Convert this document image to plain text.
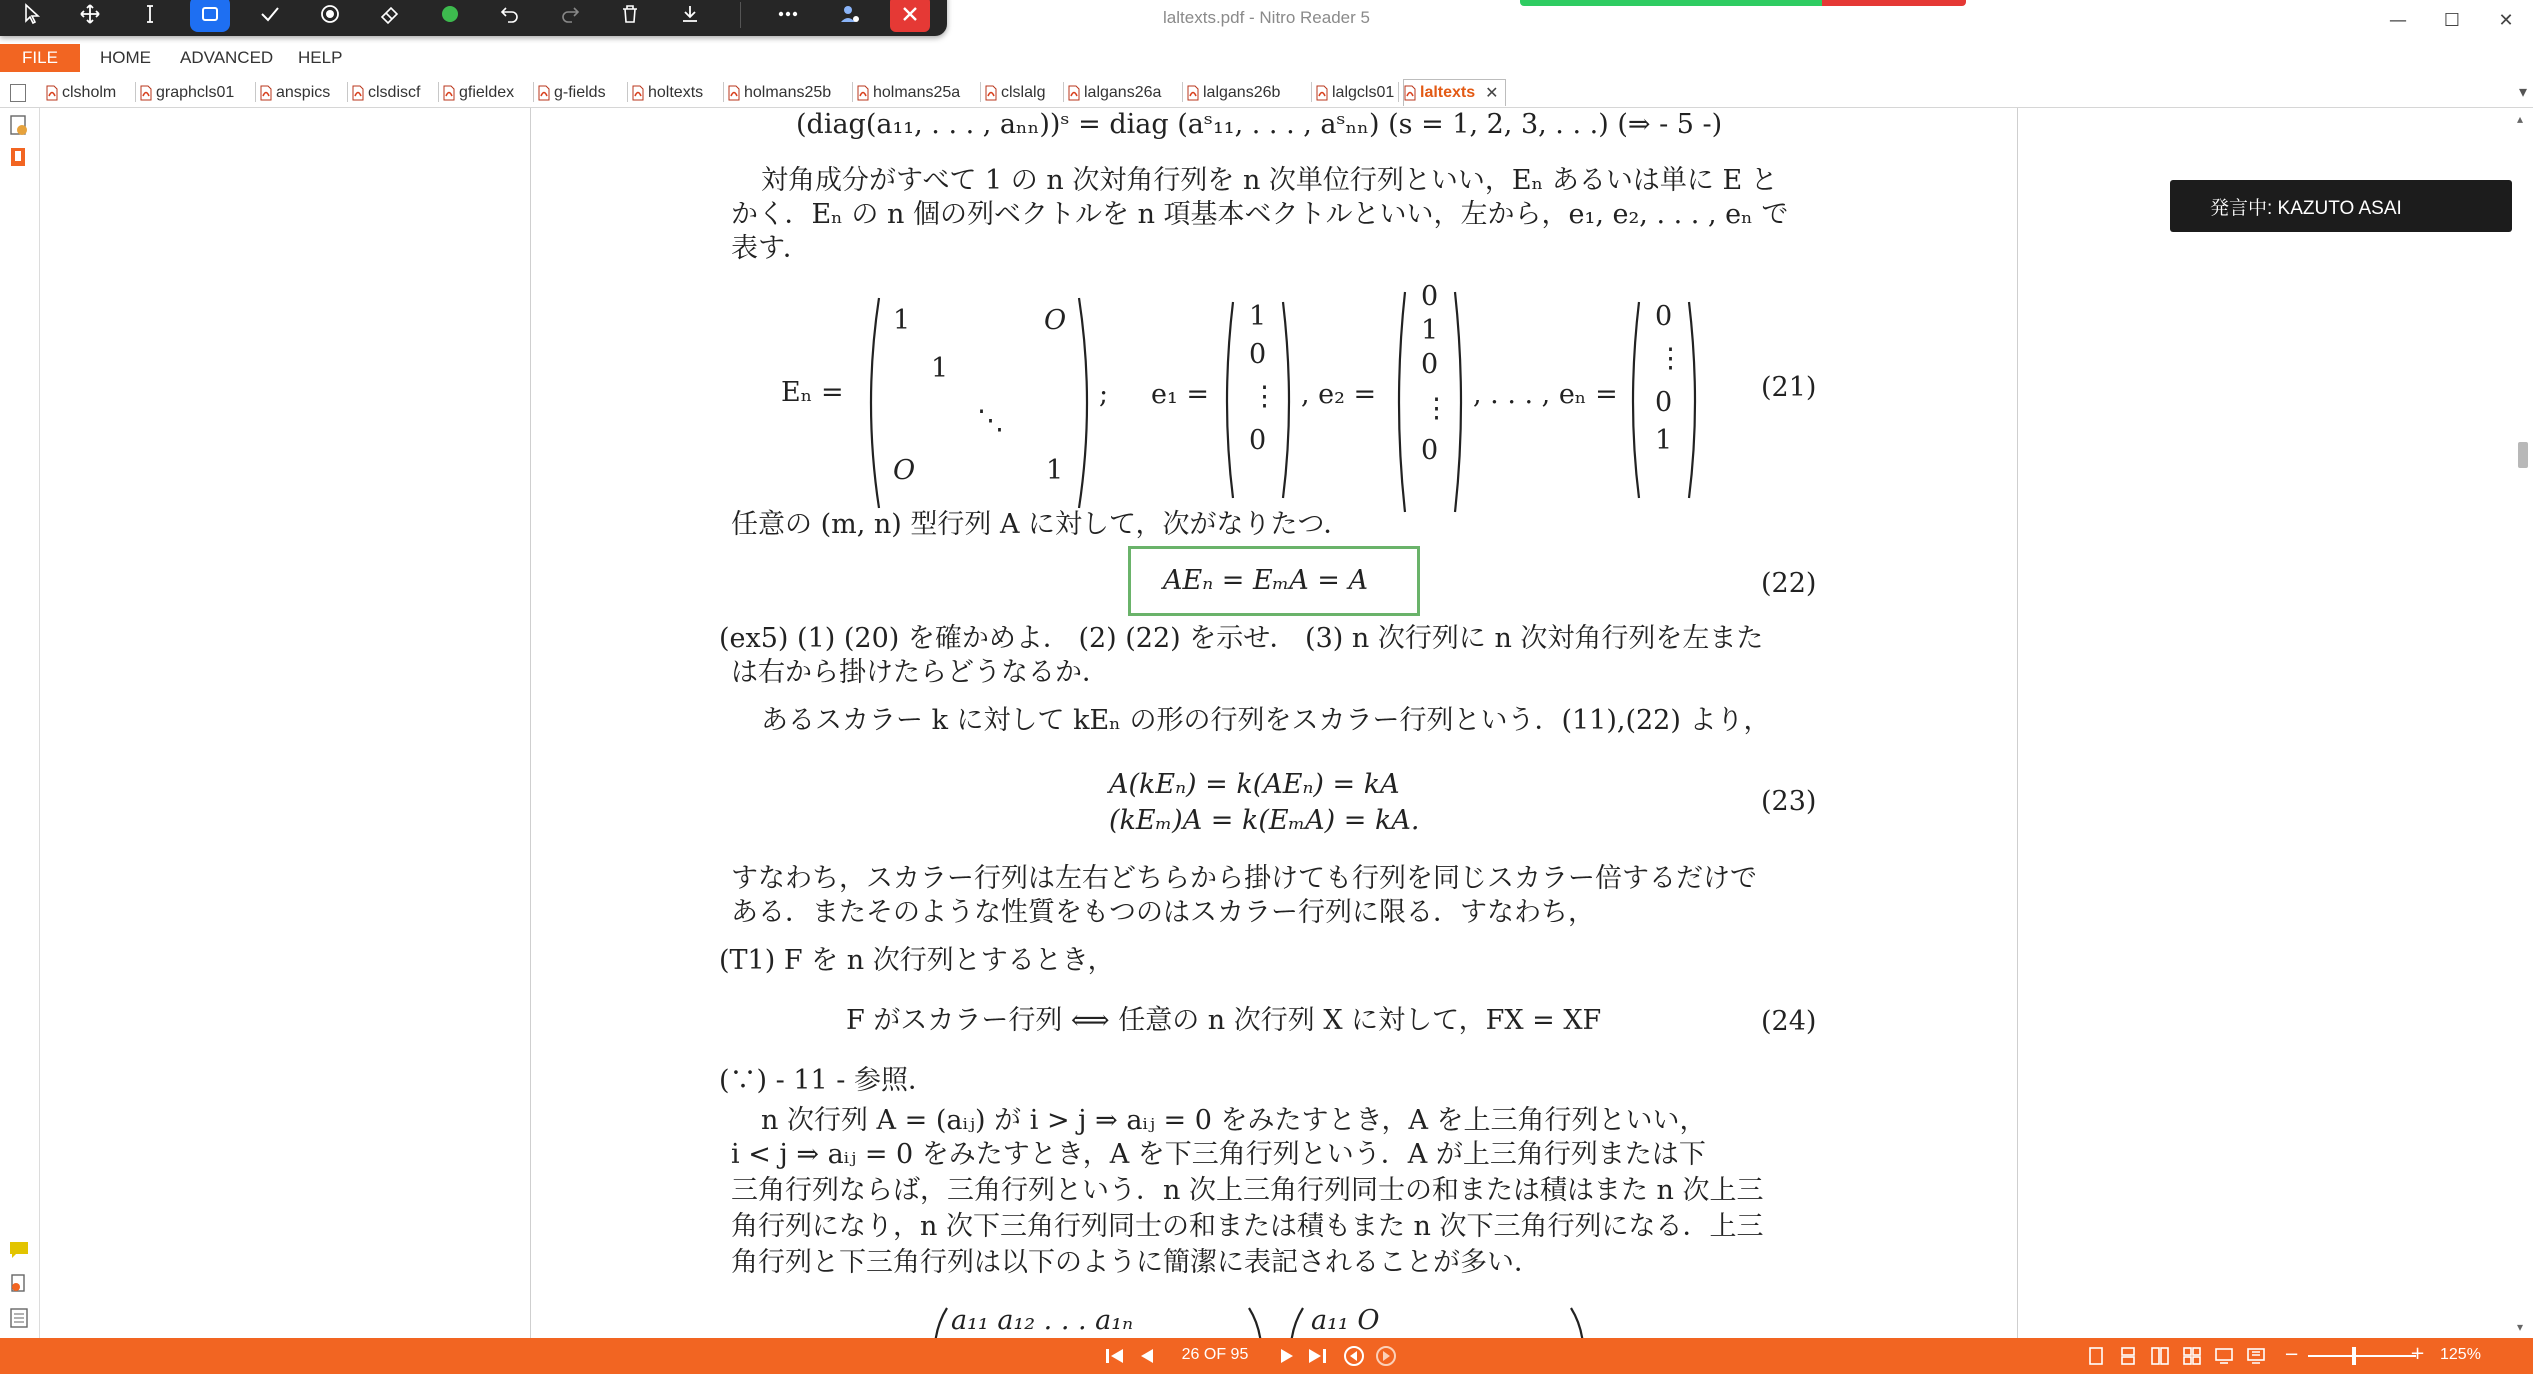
laltexts.pdf - Nitro Reader 5	—	☐	✕
FILE	HOME ADVANCED HELP
clsholm graphcls01	anspics clsdiscf gfieldex g-fields	holtexts	holmans25b	holmans25a	clslalg lalgans26a	lalgans26b	lalgcls01 laltexts ✕	▾
(diag(a₁₁, . . . , aₙₙ))ˢ = diag (aˢ₁₁, . . . , aˢₙₙ) (s = 1, 2, 3, . . .) (⇒ - 5 -)
対角成分がすべて 1 の n 次対角行列を n 次単位行列といい，Eₙ あるいは単に E と
かく．Eₙ の n 個の列ベクトルを n 項基本ベクトルといい，左から，e₁, e₂, . . . , eₙ で
表す．
Eₙ =
1	O
1
⋱
O	1
; e₁ =
1
0
⋮
0
, e₂ =
0
1
0
⋮
0
, . . . , eₙ =
0
⋮
0
1
(21)
任意の (m, n) 型行列 A に対して，次がなりたつ．
AEₙ = EₘA = A	(22)
(ex5) (1) (20) を確かめよ． (2) (22) を示せ． (3) n 次行列に n 次対角行列を左また
は右から掛けたらどうなるか．
あるスカラー k に対して kEₙ の形の行列をスカラー行列という．(11),(22) より，
A(kEₙ) = k(AEₙ) = kA
(kEₘ)A = k(EₘA) = kA.
(23)
すなわち，スカラー行列は左右どちらから掛けても行列を同じスカラー倍するだけで
ある．またそのような性質をもつのはスカラー行列に限る．すなわち，
(T1) F を n 次行列とするとき，
F がスカラー行列 ⟺ 任意の n 次行列 X に対して，FX = XF	(24)
(∵) - 11 - 参照．
n 次行列 A = (aᵢⱼ) が i > j ⇒ aᵢⱼ = 0 をみたすとき，A を上三角行列といい，
i < j ⇒ aᵢⱼ = 0 をみたすとき，A を下三角行列という．A が上三角行列または下
三角行列ならば，三角行列という．n 次上三角行列同士の和または積はまた n 次上三
角行列になり，n 次下三角行列同士の和または積もまた n 次下三角行列になる．上三
角行列と下三角行列は以下のように簡潔に表記されることが多い．
a₁₁ a₁₂ . . . a₁ₙ	a₁₁ O
発言中: KAZUTO ASAI
▴
▾
26 OF 95	−	+ 125%
